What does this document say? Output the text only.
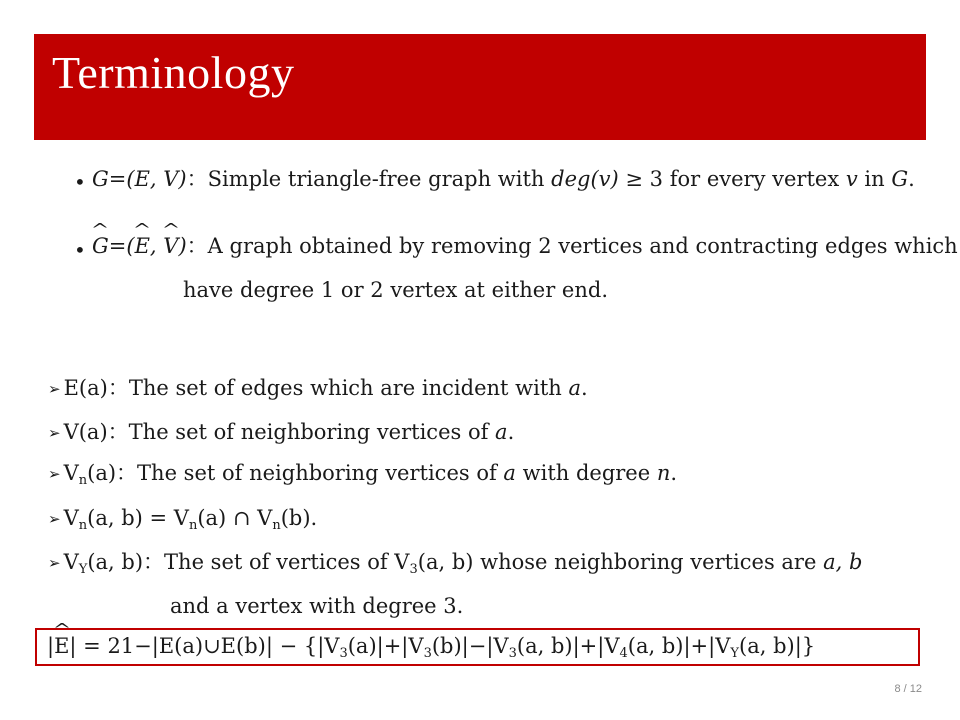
Terminology
• G=(E, V)：Simple triangle-free graph with deg(v) ≥ 3 for every vertex v in G.
•
^ G=(^ E, ^ V)：A graph obtained by removing 2 vertices and contracting edges which
have degree 1 or 2 vertex at either end.
➢ E(a)：The set of edges which are incident with a.
➢ V(a)：The set of neighboring vertices of a.
➢ $V_n(a)$：The set of neighboring vertices of a with degree n.
➢ $V_n(a$, $b) = V_n(a)$ ∩ $V_n(b)$.
➢ $V_Y(a$, b)：The set of vertices of $V_3(a$, b) whose neighboring vertices are a, b
and a vertex with degree 3.
|^ E| = 21−|E(a)∪E(b)| − {$|V_3(a)|+|V_3(b)|-|V_3(a$, $b)|+|V_4(a$, $b)|+|V_Y(a$, b)|}
8 / 12
